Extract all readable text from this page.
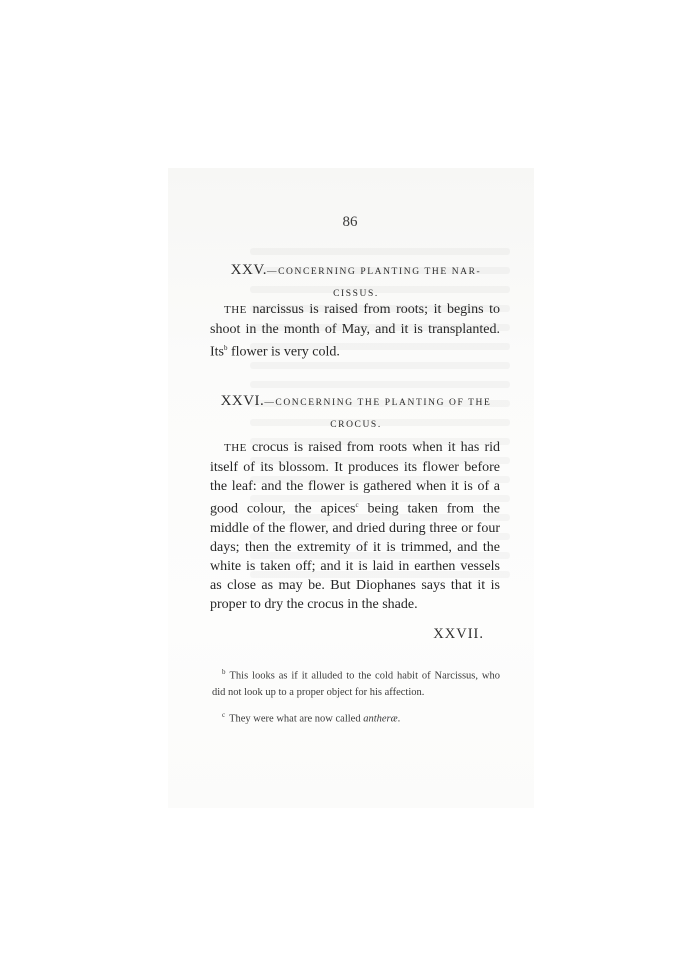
86
XXV.—CONCERNING PLANTING THE NAR-
CISSUS.
THE narcissus is raised from roots; it begins to shoot in the month of May, and it is transplanted. Its$^b$ flower is very cold.
XXVI.—CONCERNING THE PLANTING OF THE
CROCUS.
THE crocus is raised from roots when it has rid itself of its blossom. It produces its flower before the leaf: and the flower is gathered when it is of a good colour, the apices$^c$ being taken from the middle of the flower, and dried during three or four days; then the extremity of it is trimmed, and the white is taken off; and it is laid in earthen vessels as close as may be. But Diophanes says that it is proper to dry the crocus in the shade.
XXVII.

$^b$ This looks as if it alluded to the cold habit of Narcissus, who did not look up to a proper object for his affection.

$^c$ They were what are now called antheræ.
